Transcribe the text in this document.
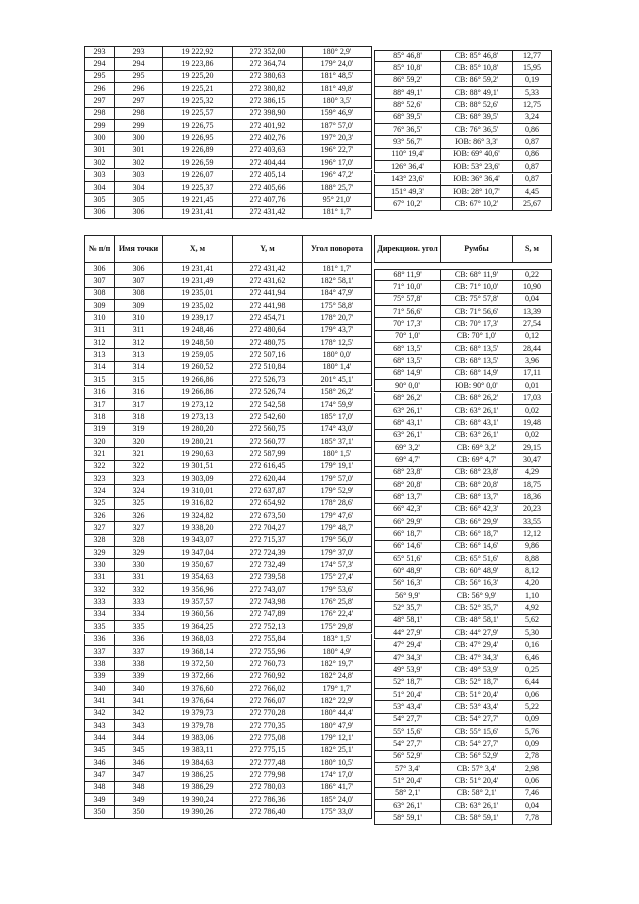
293	293	19 222,92	272 352,00	180° 2,9'
294	294	19 223,86	272 364,74	179° 24,0'
295	295	19 225,20	272 380,63	181° 48,5'
296	296	19 225,21	272 380,82	181° 49,8'
297	297	19 225,32	272 386,15	180° 3,5'
298	298	19 225,57	272 398,90	159° 46,9'
299	299	19 226,75	272 401,92	187° 57,0'
300	300	19 226,95	272 402,76	197° 20,3'
301	301	19 226,89	272 403,63	196° 22,7'
302	302	19 226,59	272 404,44	196° 17,0'
303	303	19 226,07	272 405,14	196° 47,2'
304	304	19 225,37	272 405,66	188° 25,7'
305	305	19 221,45	272 407,76	95° 21,0'
306	306	19 231,41	272 431,42	181° 1,7'
№ п/п	Имя точки	X, м	Y, м	Угол поворота
306	306	19 231,41	272 431,42	181° 1,7'
307	307	19 231,49	272 431,62	182° 58,1'
308	308	19 235,01	272 441,94	184° 47,9'
309	309	19 235,02	272 441,98	175° 58,8'
310	310	19 239,17	272 454,71	178° 20,7'
311	311	19 248,46	272 480,64	179° 43,7'
312	312	19 248,50	272 480,75	178° 12,5'
313	313	19 259,05	272 507,16	180° 0,0'
314	314	19 260,52	272 510,84	180° 1,4'
315	315	19 266,86	272 526,73	201° 45,1'
316	316	19 266,86	272 526,74	158° 26,2'
317	317	19 273,12	272 542,58	174° 59,9'
318	318	19 273,13	272 542,60	185° 17,0'
319	319	19 280,20	272 560,75	174° 43,0'
320	320	19 280,21	272 560,77	185° 37,1'
321	321	19 290,63	272 587,99	180° 1,5'
322	322	19 301,51	272 616,45	179° 19,1'
323	323	19 303,09	272 620,44	179° 57,0'
324	324	19 310,01	272 637,87	179° 52,9'
325	325	19 316,82	272 654,92	178° 28,6'
326	326	19 324,82	272 673,50	179° 47,6'
327	327	19 338,20	272 704,27	179° 48,7'
328	328	19 343,07	272 715,37	179° 56,0'
329	329	19 347,04	272 724,39	179° 37,0'
330	330	19 350,67	272 732,49	174° 57,3'
331	331	19 354,63	272 739,58	175° 27,4'
332	332	19 356,96	272 743,07	179° 53,6'
333	333	19 357,57	272 743,98	176° 25,8'
334	334	19 360,56	272 747,89	176° 22,4'
335	335	19 364,25	272 752,13	175° 29,8'
336	336	19 368,03	272 755,84	183° 1,5'
337	337	19 368,14	272 755,96	180° 4,9'
338	338	19 372,50	272 760,73	182° 19,7'
339	339	19 372,66	272 760,92	182° 24,8'
340	340	19 376,60	272 766,02	179° 1,7'
341	341	19 376,64	272 766,07	182° 22,9'
342	342	19 379,73	272 770,28	180° 44,4'
343	343	19 379,78	272 770,35	180° 47,9'
344	344	19 383,06	272 775,08	179° 12,1'
345	345	19 383,11	272 775,15	182° 25,1'
346	346	19 384,63	272 777,48	180° 10,5'
347	347	19 386,25	272 779,98	174° 17,0'
348	348	19 386,29	272 780,03	186° 41,7'
349	349	19 390,24	272 786,36	185° 24,0'
350	350	19 390,26	272 786,40	175° 33,0'
85° 46,8'	СВ: 85° 46,8'	12,77
85° 10,8'	СВ: 85° 10,8'	15,95
86° 59,2'	СВ: 86° 59,2'	0,19
88° 49,1'	СВ: 88° 49,1'	5,33
88° 52,6'	СВ: 88° 52,6'	12,75
68° 39,5'	СВ: 68° 39,5'	3,24
76° 36,5'	СВ: 76° 36,5'	0,86
93° 56,7'	ЮВ: 86° 3,3'	0,87
110° 19,4'	ЮВ: 69° 40,6'	0,86
126° 36,4'	ЮВ: 53° 23,6'	0,87
143° 23,6'	ЮВ: 36° 36,4'	0,87
151° 49,3'	ЮВ: 28° 10,7'	4,45
67° 10,2'	СВ: 67° 10,2'	25,67
Дирекцион. угол	Румбы	S, м
68° 11,9'	СВ: 68° 11,9'	0,22
71° 10,0'	СВ: 71° 10,0'	10,90
75° 57,8'	СВ: 75° 57,8'	0,04
71° 56,6'	СВ: 71° 56,6'	13,39
70° 17,3'	СВ: 70° 17,3'	27,54
70° 1,0'	СВ: 70° 1,0'	0,12
68° 13,5'	СВ: 68° 13,5'	28,44
68° 13,5'	СВ: 68° 13,5'	3,96
68° 14,9'	СВ: 68° 14,9'	17,11
90° 0,0'	ЮВ: 90° 0,0'	0,01
68° 26,2'	СВ: 68° 26,2'	17,03
63° 26,1'	СВ: 63° 26,1'	0,02
68° 43,1'	СВ: 68° 43,1'	19,48
63° 26,1'	СВ: 63° 26,1'	0,02
69° 3,2'	СВ: 69° 3,2'	29,15
69° 4,7'	СВ: 69° 4,7'	30,47
68° 23,8'	СВ: 68° 23,8'	4,29
68° 20,8'	СВ: 68° 20,8'	18,75
68° 13,7'	СВ: 68° 13,7'	18,36
66° 42,3'	СВ: 66° 42,3'	20,23
66° 29,9'	СВ: 66° 29,9'	33,55
66° 18,7'	СВ: 66° 18,7'	12,12
66° 14,6'	СВ: 66° 14,6'	9,86
65° 51,6'	СВ: 65° 51,6'	8,88
60° 48,9'	СВ: 60° 48,9'	8,12
56° 16,3'	СВ: 56° 16,3'	4,20
56° 9,9'	СВ: 56° 9,9'	1,10
52° 35,7'	СВ: 52° 35,7'	4,92
48° 58,1'	СВ: 48° 58,1'	5,62
44° 27,9'	СВ: 44° 27,9'	5,30
47° 29,4'	СВ: 47° 29,4'	0,16
47° 34,3'	СВ: 47° 34,3'	6,46
49° 53,9'	СВ: 49° 53,9'	0,25
52° 18,7'	СВ: 52° 18,7'	6,44
51° 20,4'	СВ: 51° 20,4'	0,06
53° 43,4'	СВ: 53° 43,4'	5,22
54° 27,7'	СВ: 54° 27,7'	0,09
55° 15,6'	СВ: 55° 15,6'	5,76
54° 27,7'	СВ: 54° 27,7'	0,09
56° 52,9'	СВ: 56° 52,9'	2,78
57° 3,4'	СВ: 57° 3,4'	2,98
51° 20,4'	СВ: 51° 20,4'	0,06
58° 2,1'	СВ: 58° 2,1'	7,46
63° 26,1'	СВ: 63° 26,1'	0,04
58° 59,1'	СВ: 58° 59,1'	7,78
